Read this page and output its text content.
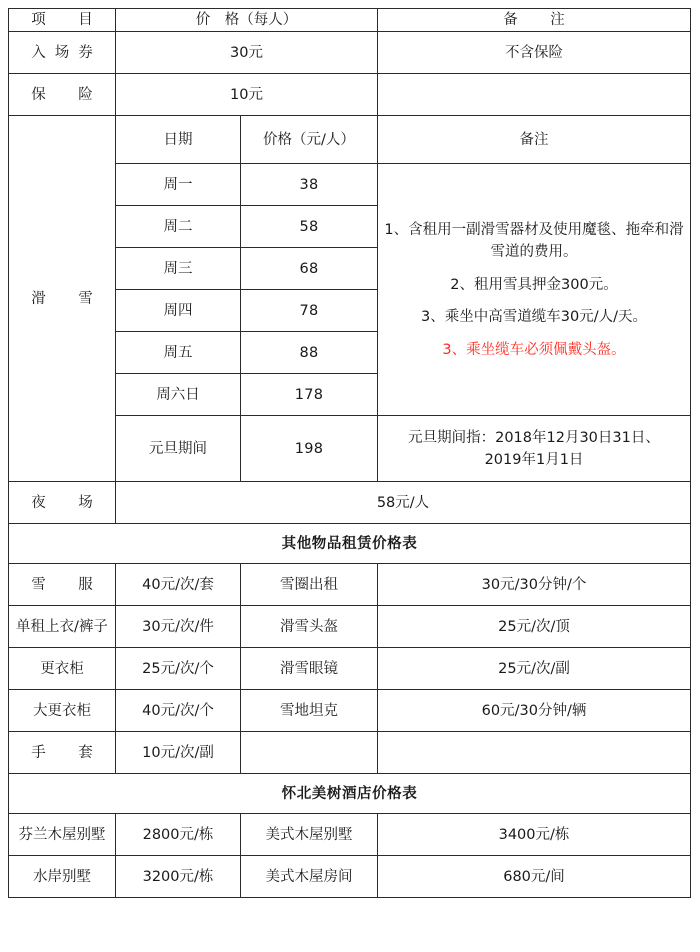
项　目	价　格（每人）		备　注
入场券	30元		不含保险
保　险	10元		
滑　雪	日期	价格（元/人）	备注
	周一	38	1、含租用一副滑雪器材及使用魔毯、拖牵和滑雪道的费用。

2、租用雪具押金300元。

3、乘坐中高雪道缆车30元/人/天。

3、乘坐缆车必须佩戴头盔。

	周二	58	
	周三	68	
	周四	78	
	周五	88	
	周六日	178	
	元旦期间	198	元旦期间指：2018年12月30日31日、
2019年1月1日

夜　场	58元/人		
其他物品租赁价格表			
雪　服	40元/次/套	雪圈出租	30元/30分钟/个
单租上衣/裤子	30元/次/件	滑雪头盔	25元/次/顶
更衣柜	25元/次/个	滑雪眼镜	25元/次/副
大更衣柜	40元/次/个	雪地坦克	60元/30分钟/辆
手　套	10元/次/副		
怀北美树酒店价格表			
芬兰木屋别墅	2800元/栋	美式木屋别墅	3400元/栋
水岸别墅	3200元/栋	美式木屋房间	680元/间
